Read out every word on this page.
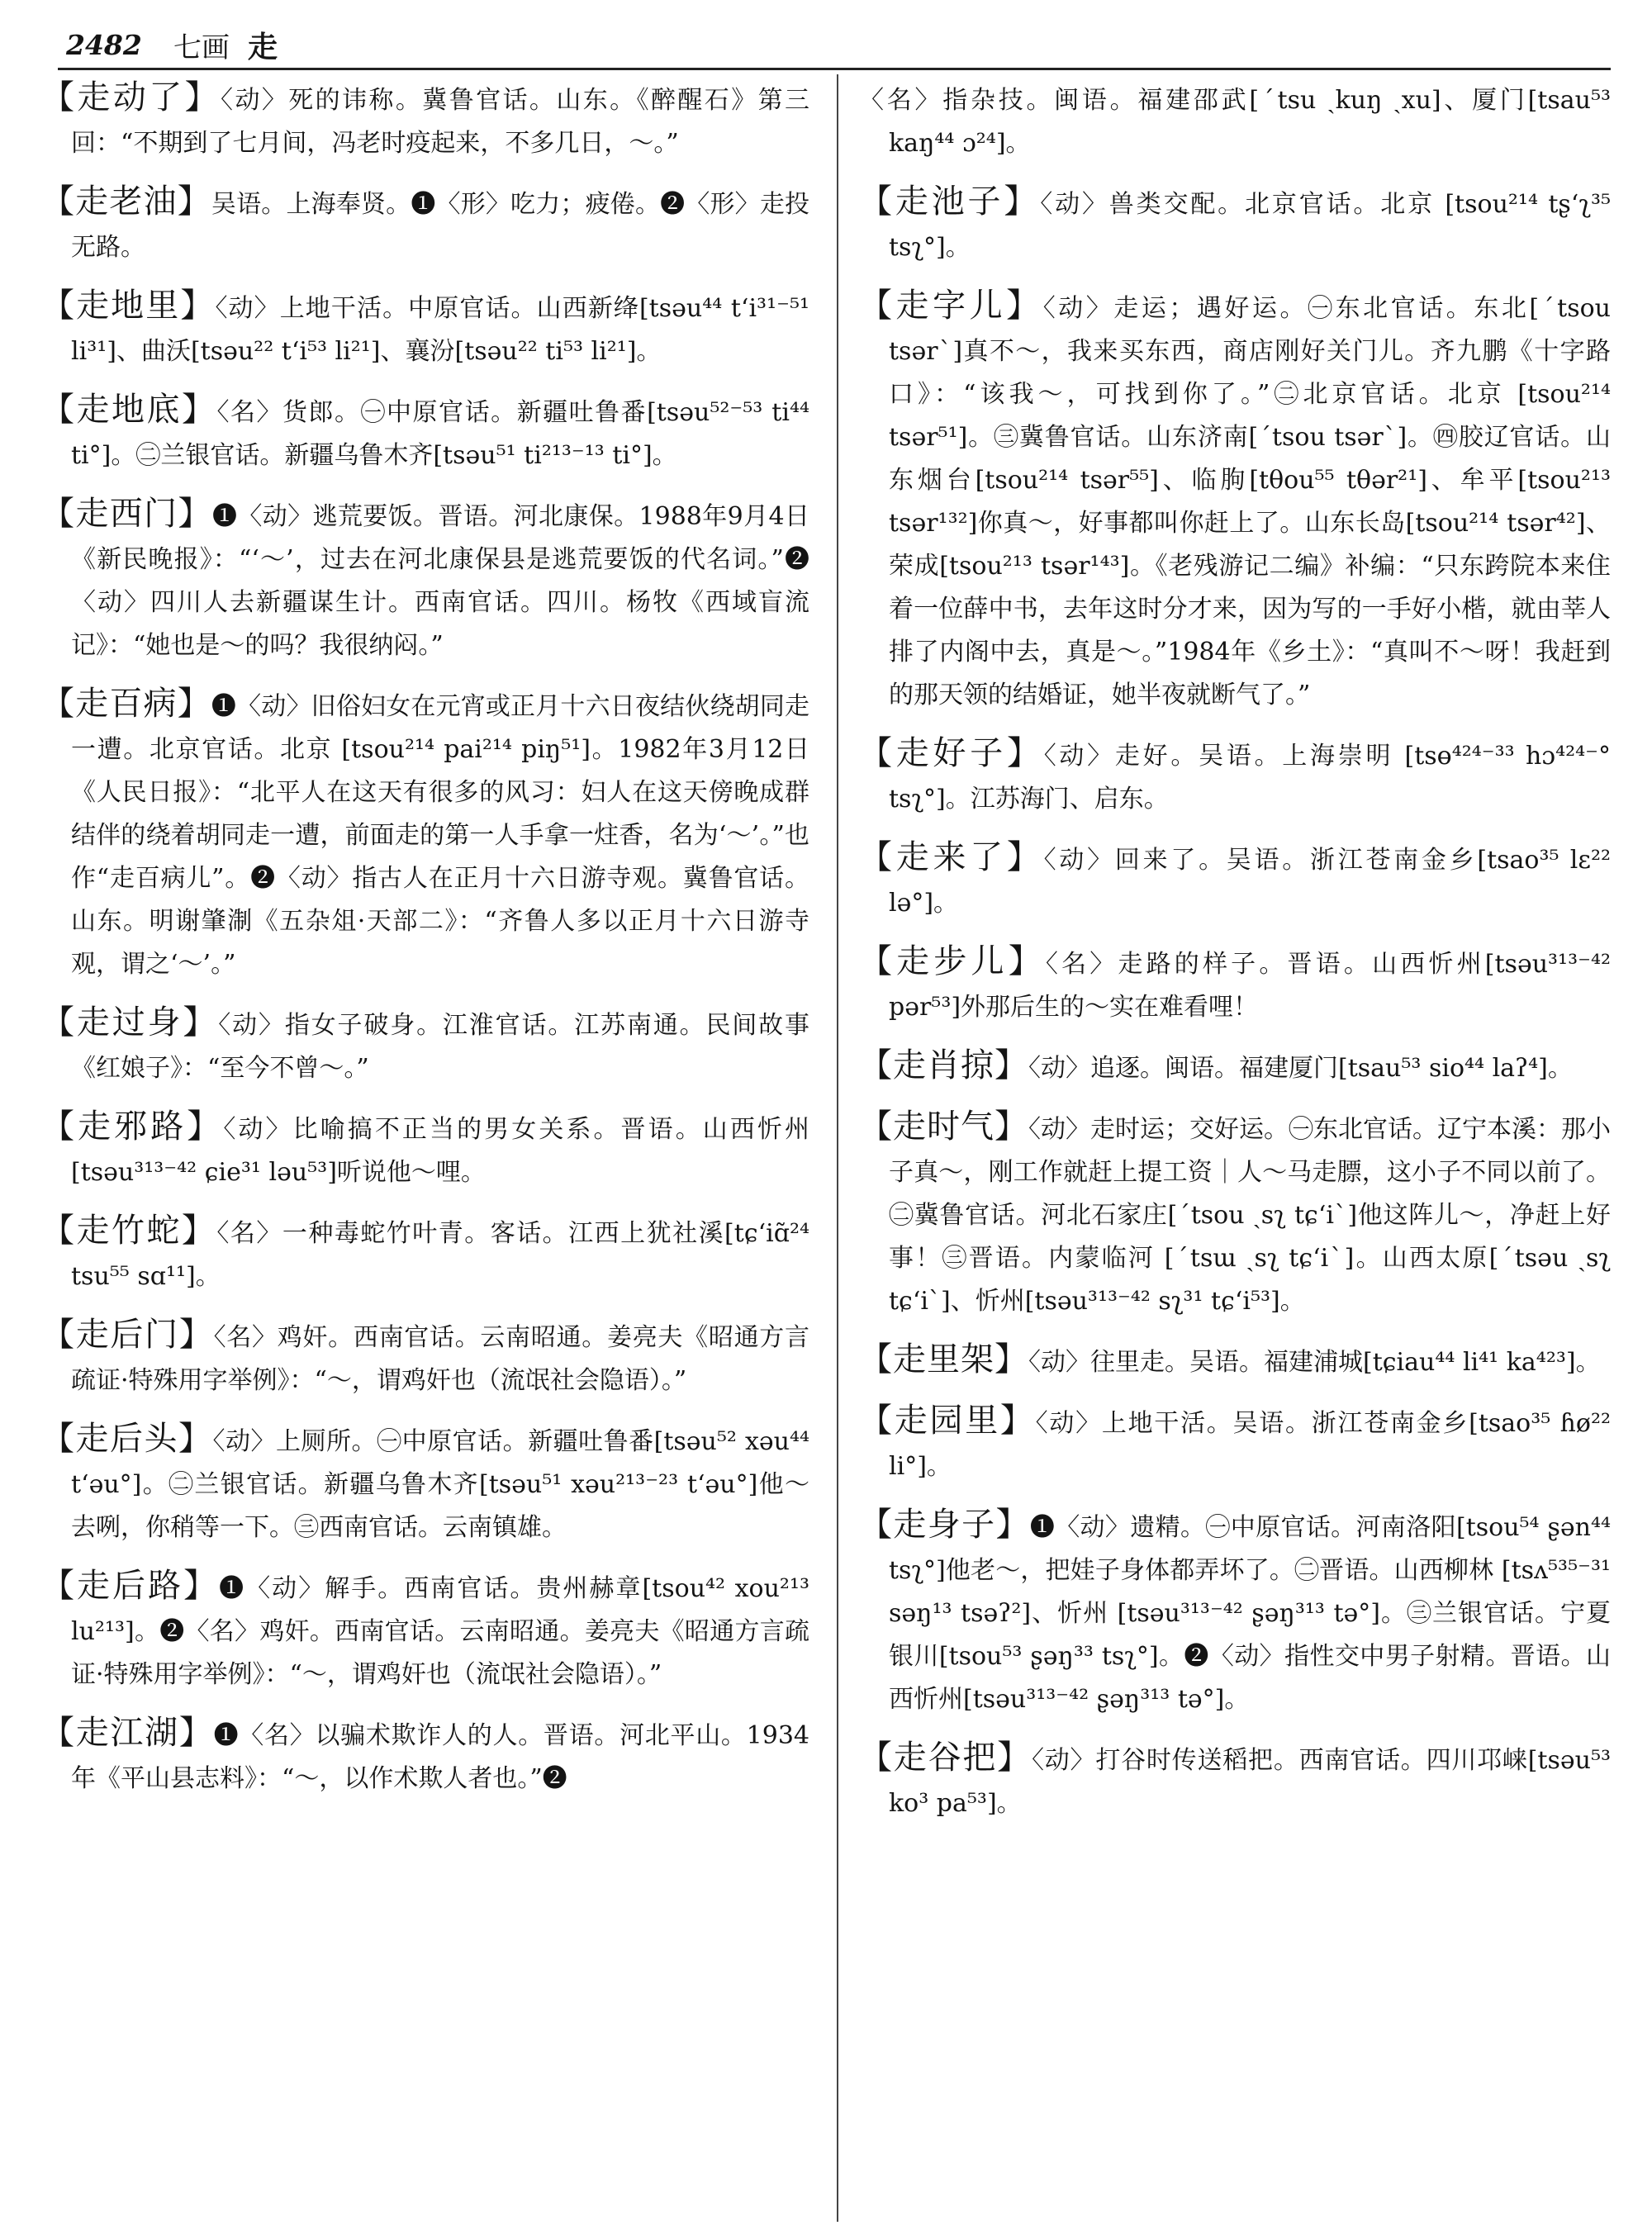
2482	七画 走

【走动了】〈动〉死的讳称。冀鲁官话。山东。《醉醒石》第三回：“不期到了七月间，冯老时疫起来，不多几日，～。”

【走老油】吴语。上海奉贤。❶〈形〉吃力；疲倦。❷〈形〉走投无路。

【走地里】〈动〉上地干活。中原官话。山西新绛[tsəu⁴⁴ tʻi³¹⁻⁵¹ li³¹]、曲沃[tsəu²² tʻi⁵³ li²¹]、襄汾[tsəu²² ti⁵³ li²¹]。

【走地底】〈名〉货郎。㊀中原官话。新疆吐鲁番[tsəu⁵²⁻⁵³ ti⁴⁴ ti°]。㊁兰银官话。新疆乌鲁木齐[tsəu⁵¹ ti²¹³⁻¹³ ti°]。

【走西门】❶〈动〉逃荒要饭。晋语。河北康保。1988年9月4日《新民晚报》：“‘～’，过去在河北康保县是逃荒要饭的代名词。”❷〈动〉四川人去新疆谋生计。西南官话。四川。杨牧《西域盲流记》：“她也是～的吗？我很纳闷。”

【走百病】❶〈动〉旧俗妇女在元宵或正月十六日夜结伙绕胡同走一遭。北京官话。北京 [tsou²¹⁴ pai²¹⁴ piŋ⁵¹]。1982年3月12日《人民日报》：“北平人在这天有很多的风习：妇人在这天傍晚成群结伴的绕着胡同走一遭，前面走的第一人手拿一炷香，名为‘～’。”也作“走百病儿”。❷〈动〉指古人在正月十六日游寺观。冀鲁官话。山东。明谢肇淛《五杂俎·天部二》：“齐鲁人多以正月十六日游寺观，谓之‘～’。”

【走过身】〈动〉指女子破身。江淮官话。江苏南通。民间故事《红娘子》：“至今不曾～。”

【走邪路】〈动〉比喻搞不正当的男女关系。晋语。山西忻州[tsəu³¹³⁻⁴² ɕie³¹ ləu⁵³]听说他～哩。

【走竹蛇】〈名〉一种毒蛇竹叶青。客话。江西上犹社溪[tɕʻiɑ̃²⁴ tsu⁵⁵ sɑ¹¹]。

【走后门】〈名〉鸡奸。西南官话。云南昭通。姜亮夫《昭通方言疏证·特殊用字举例》：“～，谓鸡奸也（流氓社会隐语）。”

【走后头】〈动〉上厕所。㊀中原官话。新疆吐鲁番[tsəu⁵² xəu⁴⁴ tʻəu°]。㊁兰银官话。新疆乌鲁木齐[tsəu⁵¹ xəu²¹³⁻²³ tʻəu°]他～去咧，你稍等一下。㊂西南官话。云南镇雄。

【走后路】❶〈动〉解手。西南官话。贵州赫章[tsou⁴² xou²¹³ lu²¹³]。❷〈名〉鸡奸。西南官话。云南昭通。姜亮夫《昭通方言疏证·特殊用字举例》：“～，谓鸡奸也（流氓社会隐语）。”

【走江湖】❶〈名〉以骗术欺诈人的人。晋语。河北平山。1934年《平山县志料》：“～，以作术欺人者也。”❷

〈名〉指杂技。闽语。福建邵武[ˊtsu ˏkuŋ ˏxu]、厦门[tsau⁵³ kaŋ⁴⁴ ɔ²⁴]。

【走池子】〈动〉兽类交配。北京官话。北京 [tsou²¹⁴ tʂʻʅ³⁵ tsʅ°]。

【走字儿】〈动〉走运；遇好运。㊀东北官话。东北[ˊtsou tsərˋ]真不～，我来买东西，商店刚好关门儿。齐九鹏《十字路口》：“该我～，可找到你了。”㊁北京官话。北京 [tsou²¹⁴ tsər⁵¹]。㊂冀鲁官话。山东济南[ˊtsou tsərˋ]。㊃胶辽官话。山东烟台[tsou²¹⁴ tsər⁵⁵]、临朐[tθou⁵⁵ tθər²¹]、牟平[tsou²¹³ tsər¹³²]你真～，好事都叫你赶上了。山东长岛[tsou²¹⁴ tsər⁴²]、荣成[tsou²¹³ tsər¹⁴³]。《老残游记二编》补编：“只东跨院本来住着一位薛中书，去年这时分才来，因为写的一手好小楷，就由莘人排了内阁中去，真是～。”1984年《乡土》：“真叫不～呀！我赶到的那天领的结婚证，她半夜就断气了。”

【走好子】〈动〉走好。吴语。上海崇明 [tsɵ⁴²⁴⁻³³ hɔ⁴²⁴⁻° tsʅ°]。江苏海门、启东。

【走来了】〈动〉回来了。吴语。浙江苍南金乡[tsao³⁵ lɛ²² lə°]。

【走步儿】〈名〉走路的样子。晋语。山西忻州[tsəu³¹³⁻⁴² pər⁵³]外那后生的～实在难看哩！

【走肖掠】〈动〉追逐。闽语。福建厦门[tsau⁵³ sio⁴⁴ laʔ⁴]。

【走时气】〈动〉走时运；交好运。㊀东北官话。辽宁本溪：那小子真～，刚工作就赶上提工资｜人～马走膘，这小子不同以前了。㊁冀鲁官话。河北石家庄[ˊtsou ˏsʅ tɕʻiˋ]他这阵儿～，净赶上好事！㊂晋语。内蒙临河 [ˊtsɯ ˏsʅ tɕʻiˋ]。山西太原[ˊtsəu ˏsʅ tɕʻiˋ]、忻州[tsəu³¹³⁻⁴² sʅ³¹ tɕʻi⁵³]。

【走里架】〈动〉往里走。吴语。福建浦城[tɕiau⁴⁴ li⁴¹ ka⁴²³]。

【走园里】〈动〉上地干活。吴语。浙江苍南金乡[tsao³⁵ ɦø²² li°]。

【走身子】❶〈动〉遗精。㊀中原官话。河南洛阳[tsou⁵⁴ ʂən⁴⁴ tsʅ°]他老～，把娃子身体都弄坏了。㊁晋语。山西柳林 [tsʌ⁵³⁵⁻³¹ səŋ¹³ tsəʔ²]、忻州 [tsəu³¹³⁻⁴² ʂəŋ³¹³ tə°]。㊂兰银官话。宁夏银川[tsou⁵³ ʂəŋ³³ tsʅ°]。❷〈动〉指性交中男子射精。晋语。山西忻州[tsəu³¹³⁻⁴² ʂəŋ³¹³ tə°]。

【走谷把】〈动〉打谷时传送稻把。西南官话。四川邛崃[tsəu⁵³ ko³ pa⁵³]。
